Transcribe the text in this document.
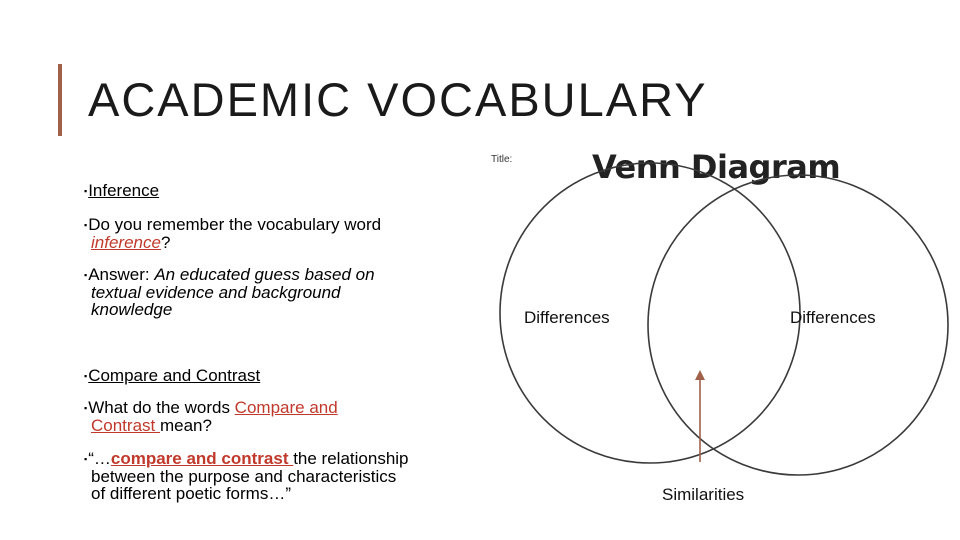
ACADEMIC VOCABULARY
▪Inference
▪Do you remember the vocabulary word
inference?
▪Answer: An educated guess based on
textual evidence and background
knowledge
▪Compare and Contrast
▪What do the words Compare and
Contrast mean?
▪“…compare and contrast the relationship
between the purpose and characteristics
of different poetic forms…”
Title: Venn Diagram
Differences	Differences
Similarities
